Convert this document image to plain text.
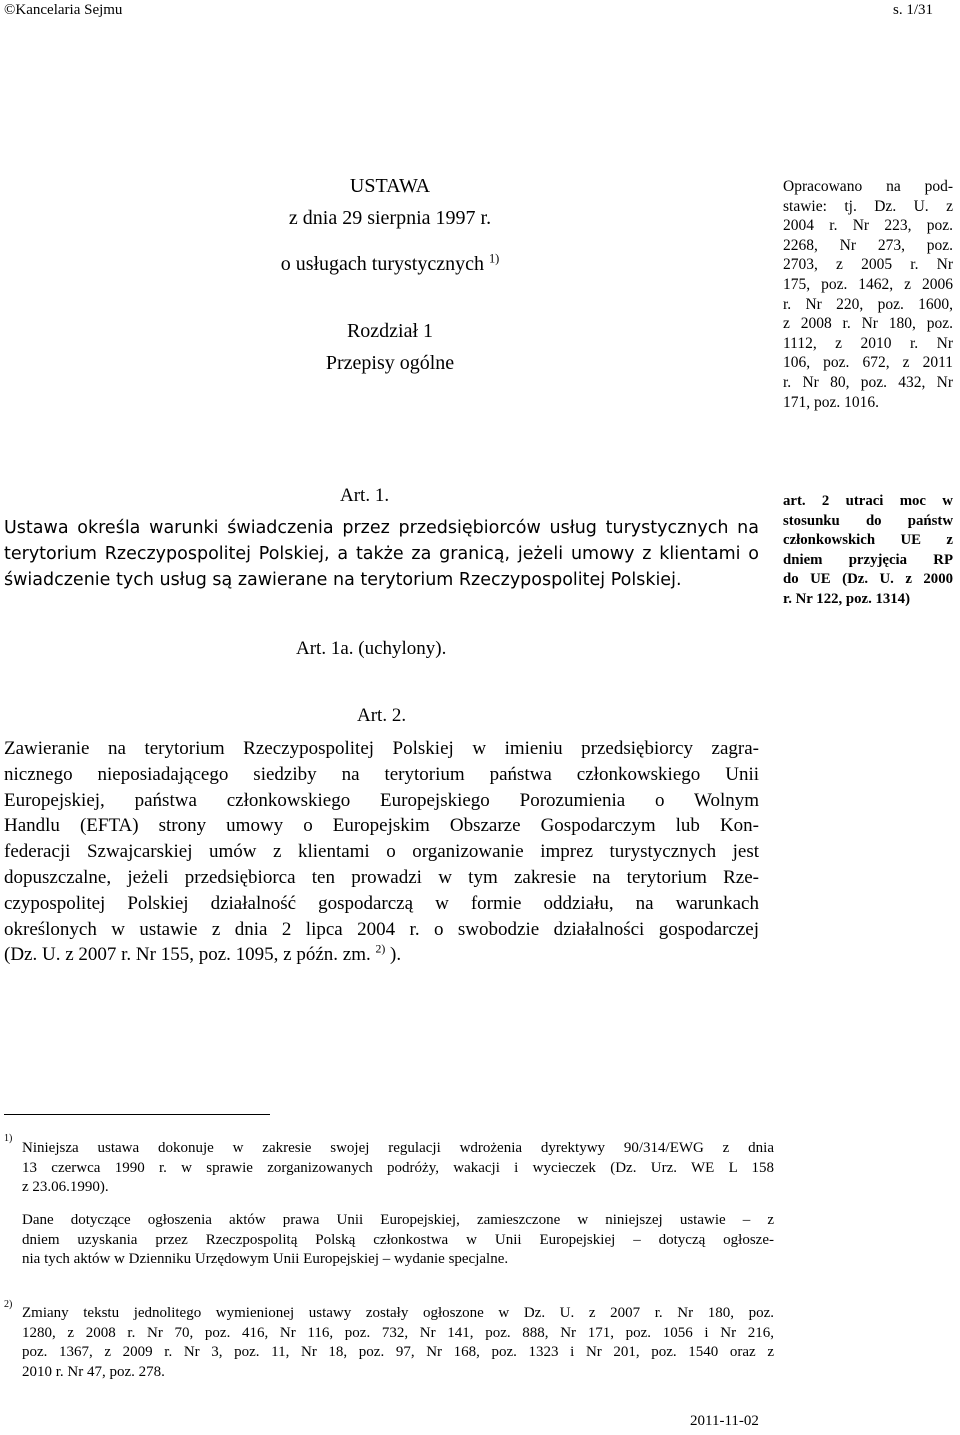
©Kancelaria Sejmu	s. 1/31
USTAWA
z dnia 29 sierpnia 1997 r.
o usługach turystycznych $^{1)}$
Rozdział 1
Przepisy ogólne
Opracowano na pod-
stawie: tj. Dz. U. z
2004 r. Nr 223, poz.
2268, Nr 273, poz.
2703, z 2005 r. Nr
175, poz. 1462, z 2006
r. Nr 220, poz. 1600,
z 2008 r. Nr 180, poz.
1112, z 2010 r. Nr
106, poz. 672, z 2011
r. Nr 80, poz. 432, Nr
171, poz. 1016.
art. 2 utraci moc w
stosunku do państw
członkowskich UE z
dniem przyjęcia RP
do UE (Dz. U. z 2000
r. Nr 122, poz. 1314)
Art. 1.
Ustawa określa warunki świadczenia przez przedsiębiorców usług turystycznych na
terytorium Rzeczypospolitej Polskiej, a także za granicą, jeżeli umowy z klientami o
świadczenie tych usług są zawierane na terytorium Rzeczypospolitej Polskiej.
Art. 1a. (uchylony).
Art. 2.
Zawieranie na terytorium Rzeczypospolitej Polskiej w imieniu przedsiębiorcy zagra-
nicznego nieposiadającego siedziby na terytorium państwa członkowskiego Unii
Europejskiej, państwa członkowskiego Europejskiego Porozumienia o Wolnym
Handlu (EFTA) strony umowy o Europejskim Obszarze Gospodarczym lub Kon-
federacji Szwajcarskiej umów z klientami o organizowanie imprez turystycznych jest
dopuszczalne, jeżeli przedsiębiorca ten prowadzi w tym zakresie na terytorium Rze-
czypospolitej Polskiej działalność gospodarczą w formie oddziału, na warunkach
określonych w ustawie z dnia 2 lipca 2004 r. o swobodzie działalności gospodarczej
(Dz. U. z 2007 r. Nr 155, poz. 1095, z późn. zm. $^{2)}$ ).
1)
Niniejsza ustawa dokonuje w zakresie swojej regulacji wdrożenia dyrektywy 90/314/EWG z dnia
13 czerwca 1990 r. w sprawie zorganizowanych podróży, wakacji i wycieczek (Dz. Urz. WE L 158
z 23.06.1990).
Dane dotyczące ogłoszenia aktów prawa Unii Europejskiej, zamieszczone w niniejszej ustawie – z
dniem uzyskania przez Rzeczpospolitą Polską członkostwa w Unii Europejskiej – dotyczą ogłosze-
nia tych aktów w Dzienniku Urzędowym Unii Europejskiej – wydanie specjalne.
2)
Zmiany tekstu jednolitego wymienionej ustawy zostały ogłoszone w Dz. U. z 2007 r. Nr 180, poz.
1280, z 2008 r. Nr 70, poz. 416, Nr 116, poz. 732, Nr 141, poz. 888, Nr 171, poz. 1056 i Nr 216,
poz. 1367, z 2009 r. Nr 3, poz. 11, Nr 18, poz. 97, Nr 168, poz. 1323 i Nr 201, poz. 1540 oraz z
2010 r. Nr 47, poz. 278.
2011-11-02
